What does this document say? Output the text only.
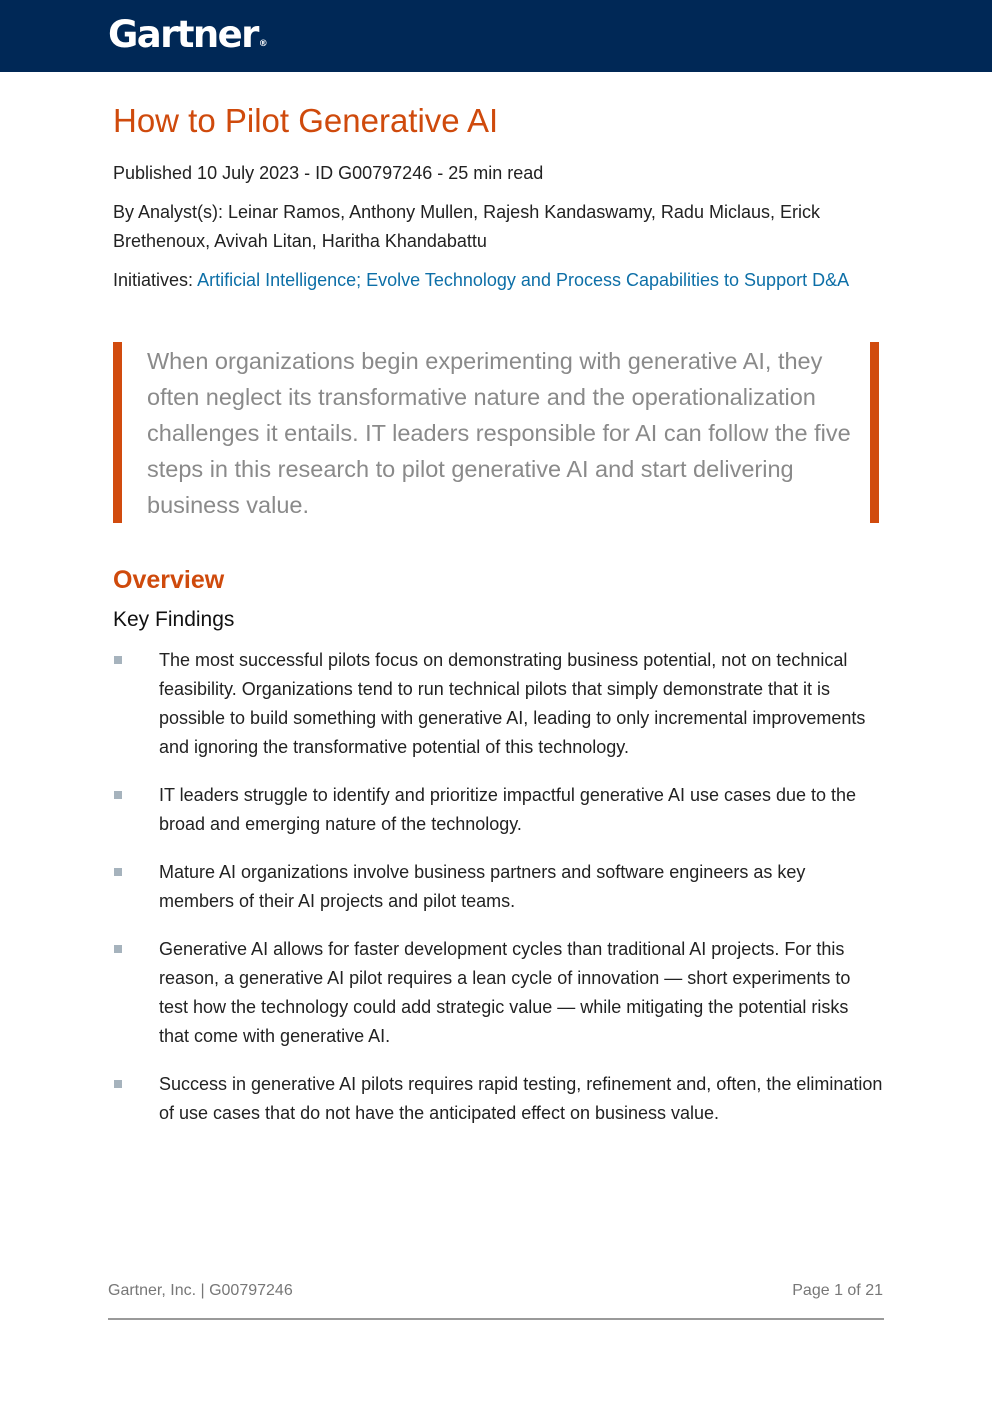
Gartner®
How to Pilot Generative AI

Published 10 July 2023 - ID G00797246 - 25 min read

By Analyst(s): Leinar Ramos, Anthony Mullen, Rajesh Kandaswamy, Radu Miclaus, Erick Brethenoux, Avivah Litan, Haritha Khandabattu

Initiatives: Artificial Intelligence; Evolve Technology and Process Capabilities to Support D&A

When organizations begin experimenting with generative AI, they often neglect its transformative nature and the operationalization challenges it entails. IT leaders responsible for AI can follow the five steps in this research to pilot generative AI and start delivering business value.

Overview
Key Findings
The most successful pilots focus on demonstrating business potential, not on technical feasibility. Organizations tend to run technical pilots that simply demonstrate that it is possible to build something with generative AI, leading to only incremental improvements and ignoring the transformative potential of this technology.
IT leaders struggle to identify and prioritize impactful generative AI use cases due to the broad and emerging nature of the technology.
Mature AI organizations involve business partners and software engineers as key members of their AI projects and pilot teams.
Generative AI allows for faster development cycles than traditional AI projects. For this reason, a generative AI pilot requires a lean cycle of innovation — short experiments to test how the technology could add strategic value — while mitigating the potential risks that come with generative AI.
Success in generative AI pilots requires rapid testing, refinement and, often, the elimination of use cases that do not have the anticipated effect on business value.
Gartner, Inc. | G00797246	Page 1 of 21
